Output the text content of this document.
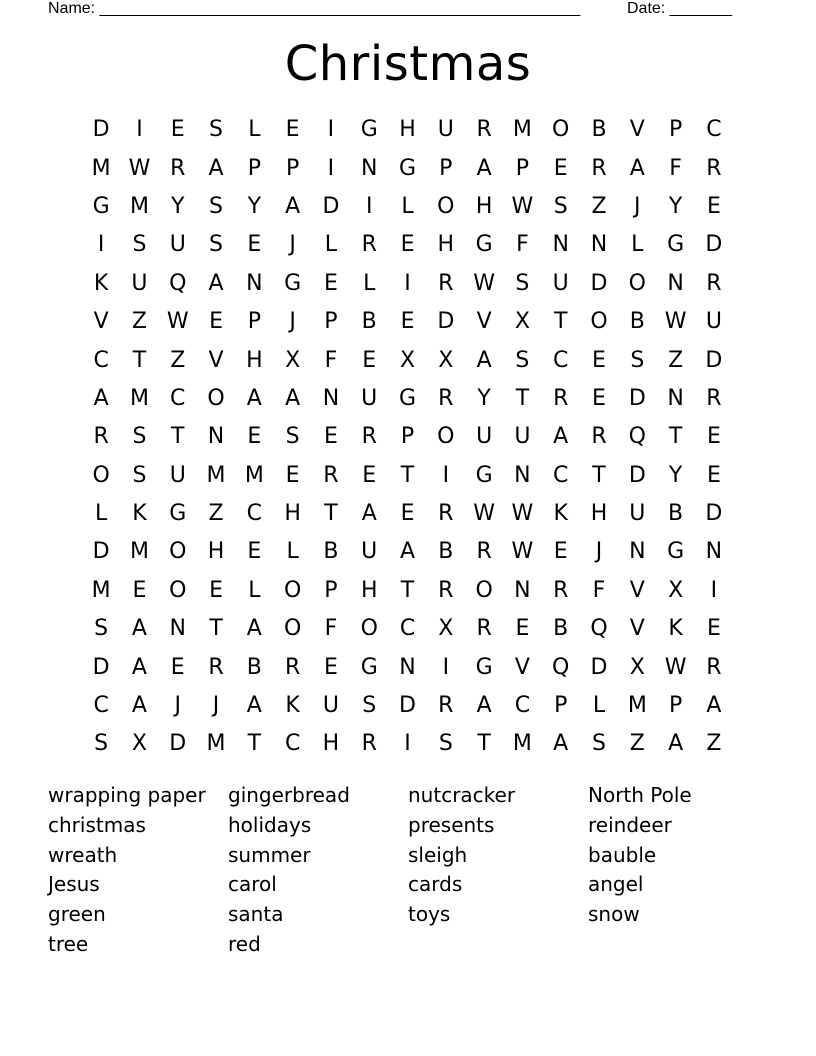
Name: ______________________________________________________	Date: _______
Christmas
D	I	E	S	L	E	I	G H U	R M O	B	V	P	C
M W R	A	P	P	I	N G	P	A	P	E	R	A	F	R
G M	Y	S	Y	A	D	I	L	O H W S	Z	J	Y	E
I	S	U	S	E	J	L	R	E	H G	F	N N	L	G D
K	U Q	A	N G	E	L	I	R W S	U D O N	R
V	Z W E	P	J	P	B	E	D	V	X	T	O	B W U
C	T	Z	V	H	X	F	E	X	X	A	S	C	E	S	Z	D
A M C O	A	A	N	U G	R	Y	T	R	E	D N	R
R	S	T	N	E	S	E	R	P	O U	U	A	R Q	T	E
O	S	U M M E	R	E	T	I	G N	C	T	D	Y	E
L	K	G	Z	C	H	T	A	E	R W W K	H U	B	D
D M O H	E	L	B	U	A	B	R W E	J	N G N
M E	O	E	L	O	P	H	T	R O N	R	F	V	X	I
S	A	N	T	A	O	F	O C	X	R	E	B	Q	V	K	E
D	A	E	R	B	R	E	G N	I	G	V	Q D	X W R
C	A	J	J	A	K	U	S	D	R	A	C	P	L	M	P	A
S	X	D M	T	C	H	R	I	S	T	M A	S	Z	A	Z
wrapping paper	gingerbread	nutcracker	North Pole
christmas	holidays	presents	reindeer
wreath	summer	sleigh	bauble
Jesus	carol	cards	angel
green	santa	toys	snow
tree	red
